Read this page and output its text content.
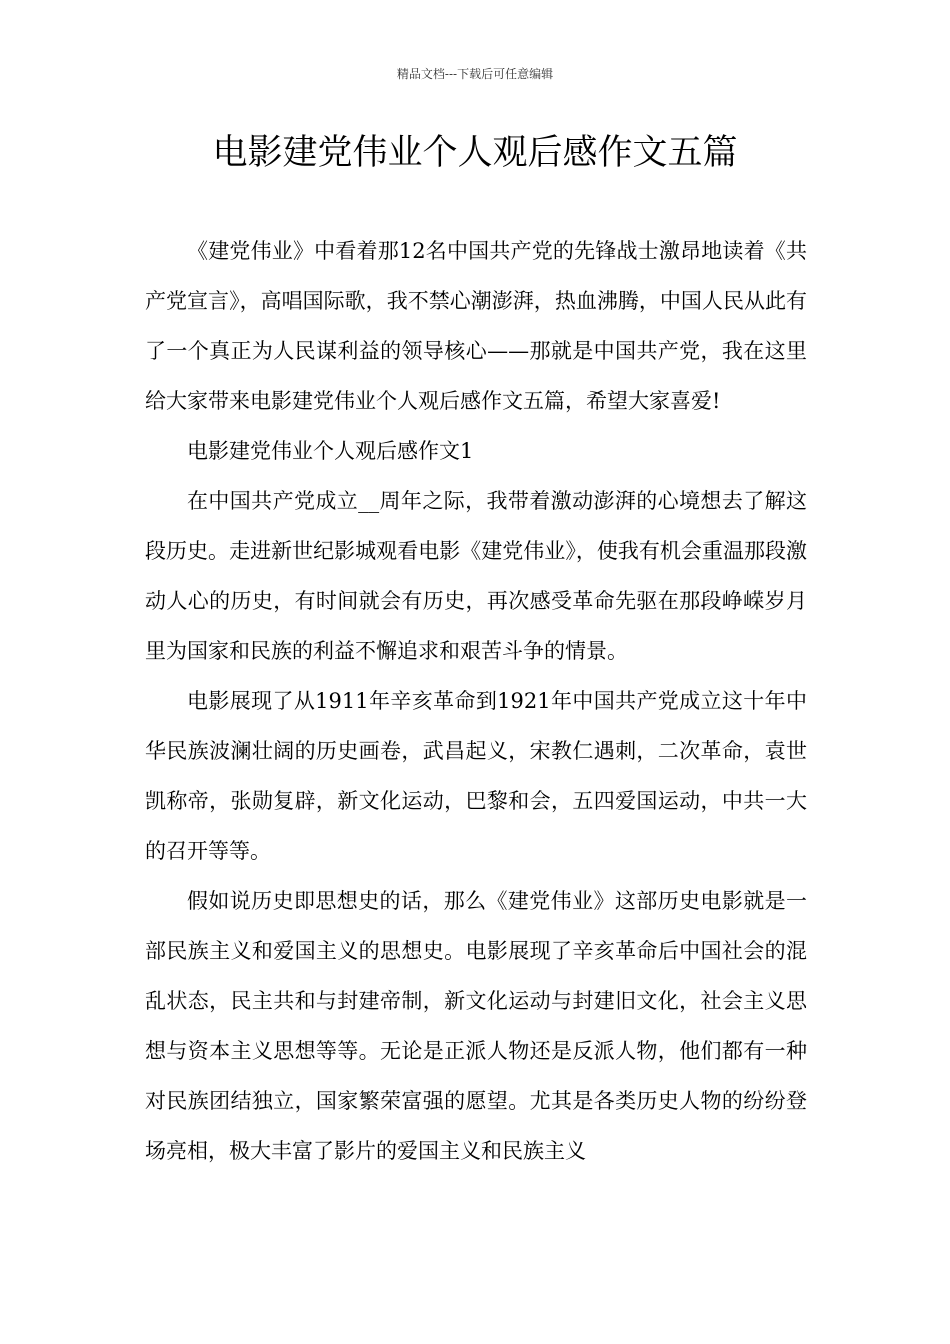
精品文档---下载后可任意编辑
电影建党伟业个人观后感作文五篇

《建党伟业》中看着那12名中国共产党的先锋战士激昂地读着《共产党宣言》，高唱国际歌，我不禁心潮澎湃，热血沸腾，中国人民从此有了一个真正为人民谋利益的领导核心——那就是中国共产党，我在这里给大家带来电影建党伟业个人观后感作文五篇，希望大家喜爱!

电影建党伟业个人观后感作文1

在中国共产党成立__周年之际，我带着激动澎湃的心境想去了解这段历史。走进新世纪影城观看电影《建党伟业》，使我有机会重温那段激动人心的历史，有时间就会有历史，再次感受革命先驱在那段峥嵘岁月里为国家和民族的利益不懈追求和艰苦斗争的情景。

电影展现了从1911年辛亥革命到1921年中国共产党成立这十年中华民族波澜壮阔的历史画卷，武昌起义，宋教仁遇刺，二次革命，袁世凯称帝，张勋复辟，新文化运动，巴黎和会，五四爱国运动，中共一大的召开等等。

假如说历史即思想史的话，那么《建党伟业》这部历史电影就是一部民族主义和爱国主义的思想史。电影展现了辛亥革命后中国社会的混乱状态，民主共和与封建帝制，新文化运动与封建旧文化，社会主义思想与资本主义思想等等。无论是正派人物还是反派人物，他们都有一种对民族团结独立，国家繁荣富强的愿望。尤其是各类历史人物的纷纷登场亮相，极大丰富了影片的爱国主义和民族主义
